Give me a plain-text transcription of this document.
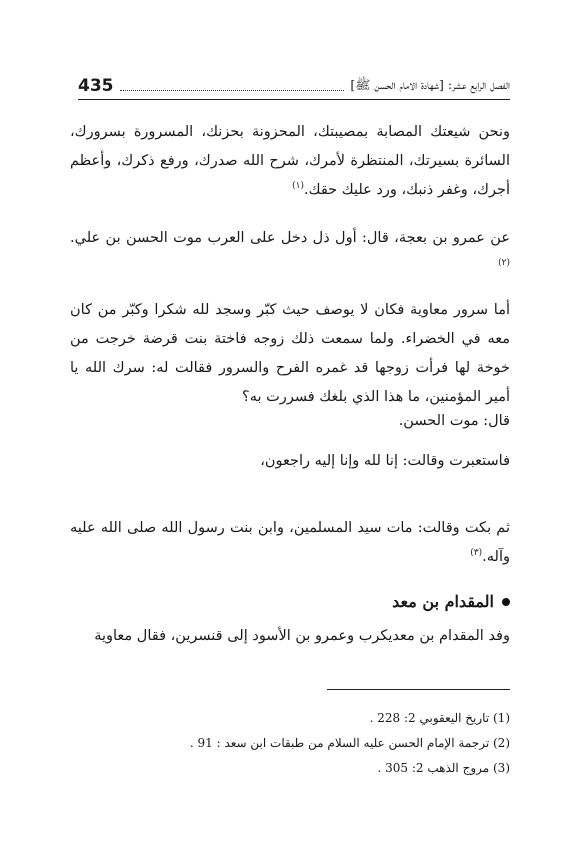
الفصل الرابع عشر: [شهادة الامام الحسن ﷺ]
435
ونحن شيعتك المصابة بمصيبتك، المحزونة بحزنك، المسرورة بسرورك، السائرة بسيرتك، المنتظرة لأمرك، شرح الله صدرك، ورفع ذكرك، وأعظم أجرك، وغفر ذنبك، ورد عليك حقك.$^{(١)}$
عن عمرو بن بعجة، قال: أول ذل دخل على العرب موت الحسن بن علي.$^{(٢)}$
أما سرور معاوية فكان لا يوصف حيث كبّر وسجد لله شكرا وكبّر من كان معه في الخضراء. ولما سمعت ذلك زوجه فاختة بنت قرضة خرجت من خوخة لها فرأت زوجها قد غمره الفرح والسرور فقالت له: سرك الله يا أمير المؤمنين، ما هذا الذي بلغك فسررت به؟
قال: موت الحسن.
فاستعبرت وقالت: إنا لله وإنا إليه راجعون،
ثم بكت وقالت: مات سيد المسلمين، وابن بنت رسول الله صلى الله عليه وآله.$^{(٣)}$
المقدام بن معد
وفد المقدام بن معديكرب وعمرو بن الأسود إلى قنسرين، فقال معاوية
(1) تاريخ اليعقوبي 2: 228 .
(2) ترجمة الإمام الحسن عليه السلام من طبقات ابن سعد : 91 .
(3) مروج الذهب 2: 305 .
